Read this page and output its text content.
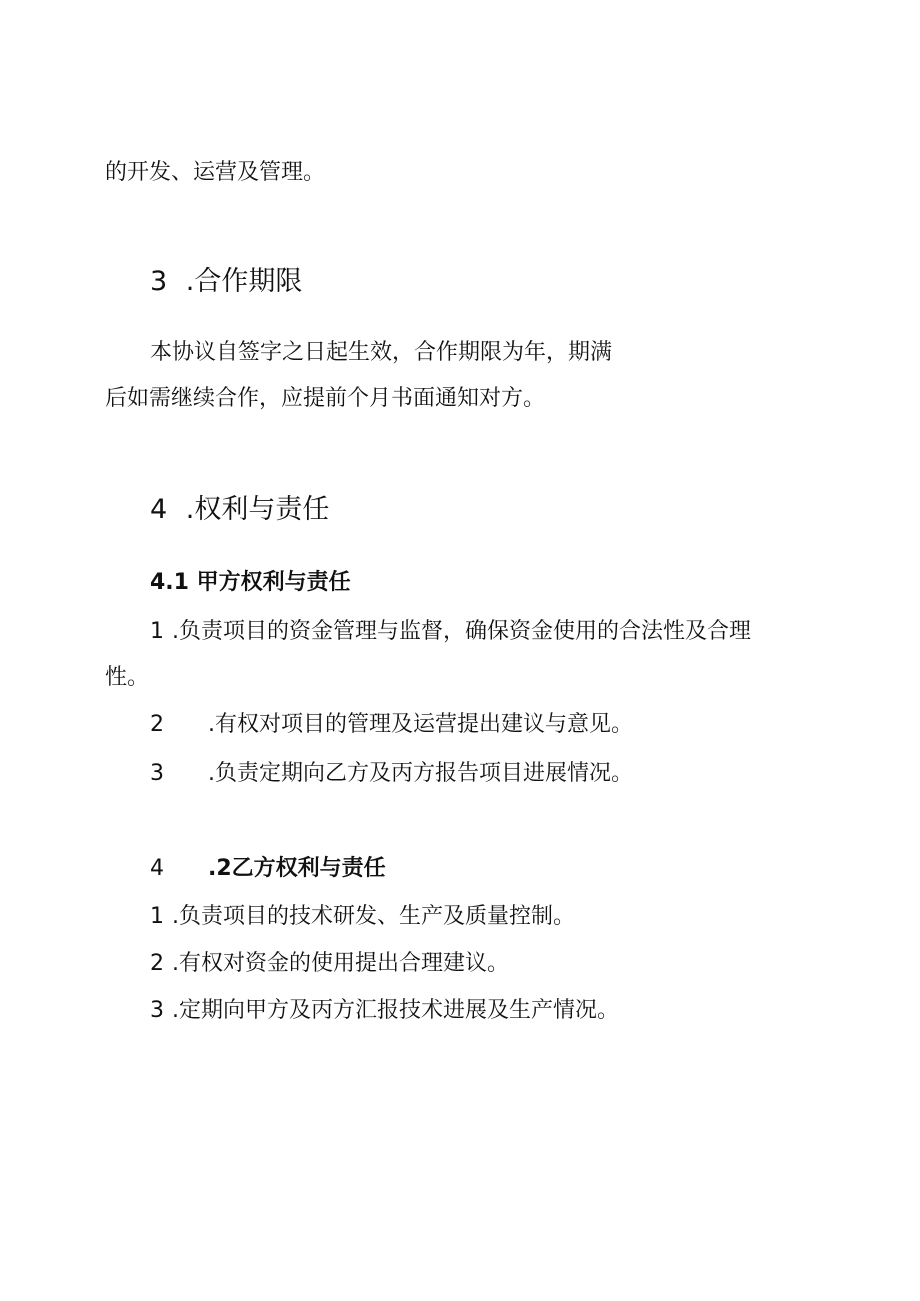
的开发、运营及管理。
3 .合作期限
本协议自签字之日起生效，合作期限为年，期满
后如需继续合作，应提前个月书面通知对方。
4 .权利与责任
4.1 甲方权利与责任
1 .负责项目的资金管理与监督，确保资金使用的合法性及合理
性。
2 .有权对项目的管理及运营提出建议与意见。
3 .负责定期向乙方及丙方报告项目进展情况。
4 .2乙方权利与责任
1 .负责项目的技术研发、生产及质量控制。
2 .有权对资金的使用提出合理建议。
3 .定期向甲方及丙方汇报技术进展及生产情况。
